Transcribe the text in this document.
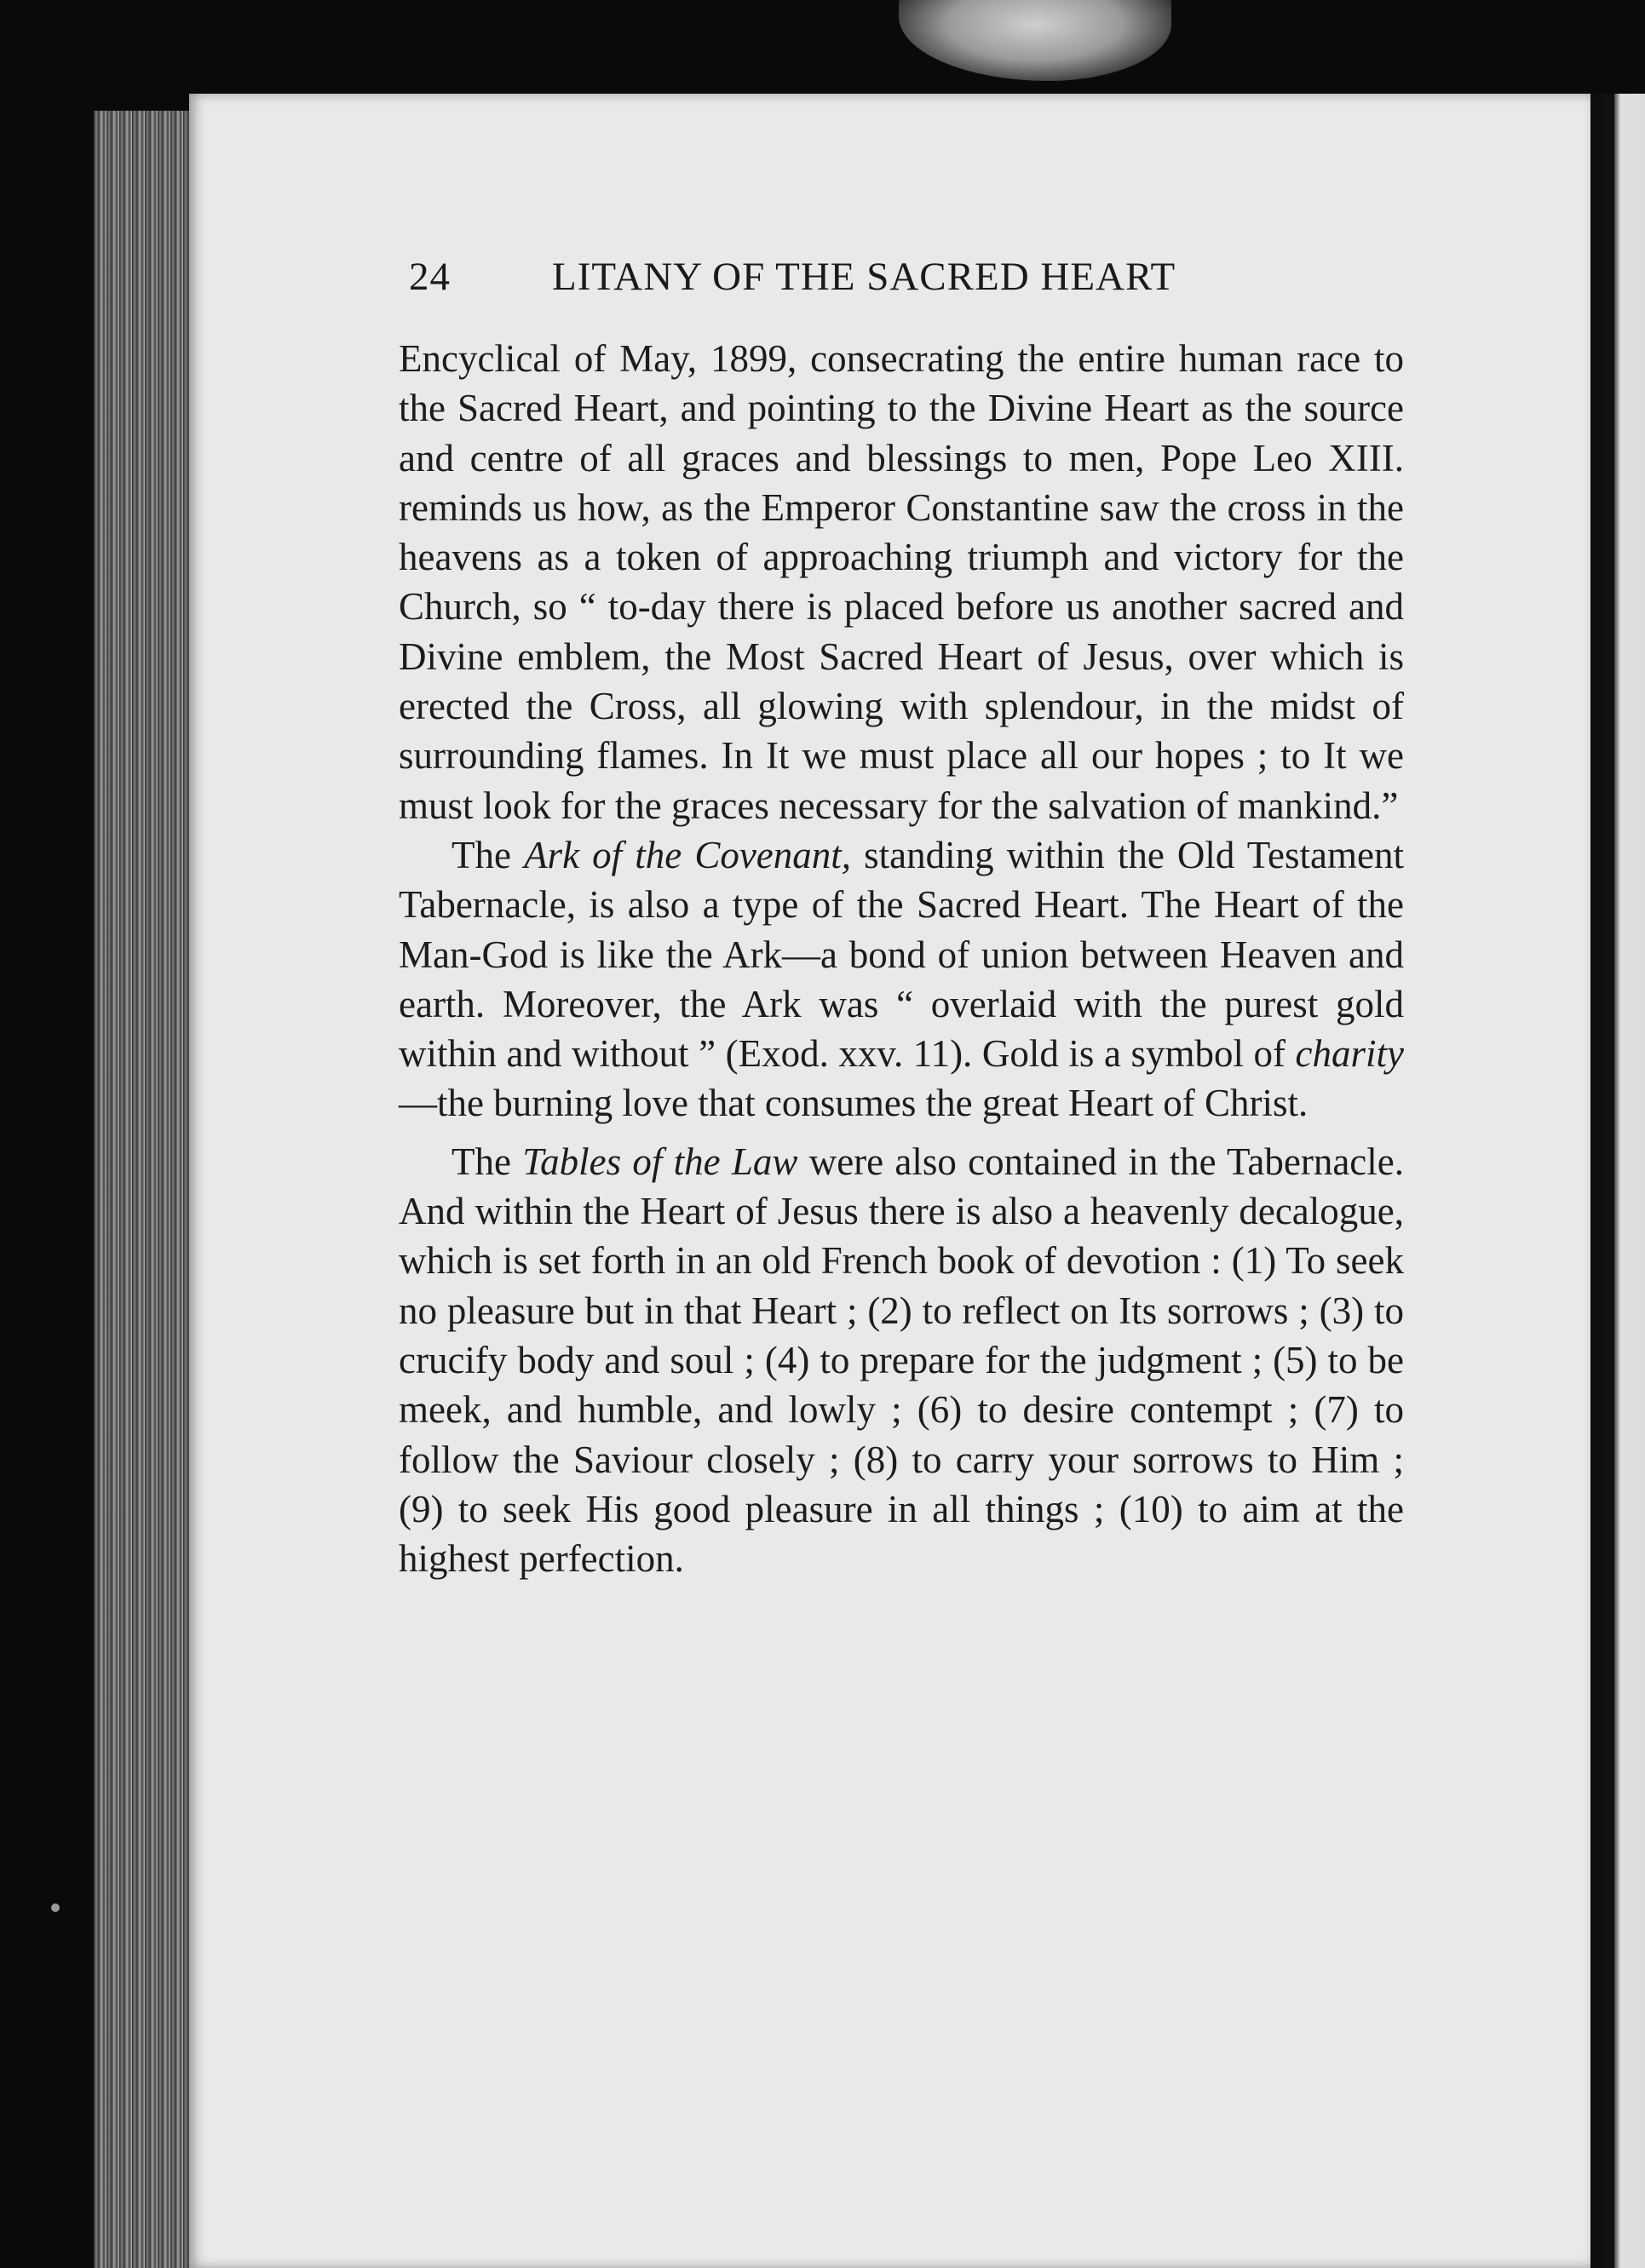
24	LITANY OF THE SACRED HEART

Encyclical of May, 1899, consecrating the entire human race to the Sacred Heart, and pointing to the Divine Heart as the source and centre of all graces and blessings to men, Pope Leo XIII. reminds us how, as the Emperor Constantine saw the cross in the heavens as a token of approaching triumph and victory for the Church, so “ to-day there is placed before us another sacred and Divine emblem, the Most Sacred Heart of Jesus, over which is erected the Cross, all glowing with splendour, in the midst of surrounding flames. In It we must place all our hopes ; to It we must look for the graces necessary for the salvation of mankind.”

The Ark of the Covenant, standing within the Old Testament Tabernacle, is also a type of the Sacred Heart. The Heart of the Man-God is like the Ark—a bond of union between Heaven and earth. Moreover, the Ark was “ overlaid with the purest gold within and without ” (Exod. xxv. 11). Gold is a symbol of charity—the burning love that consumes the great Heart of Christ.

The Tables of the Law were also contained in the Tabernacle. And within the Heart of Jesus there is also a heavenly decalogue, which is set forth in an old French book of devotion : (1) To seek no pleasure but in that Heart ; (2) to reflect on Its sorrows ; (3) to crucify body and soul ; (4) to prepare for the judgment ; (5) to be meek, and humble, and lowly ; (6) to desire contempt ; (7) to follow the Saviour closely ; (8) to carry your sorrows to Him ; (9) to seek His good pleasure in all things ; (10) to aim at the highest perfection.
